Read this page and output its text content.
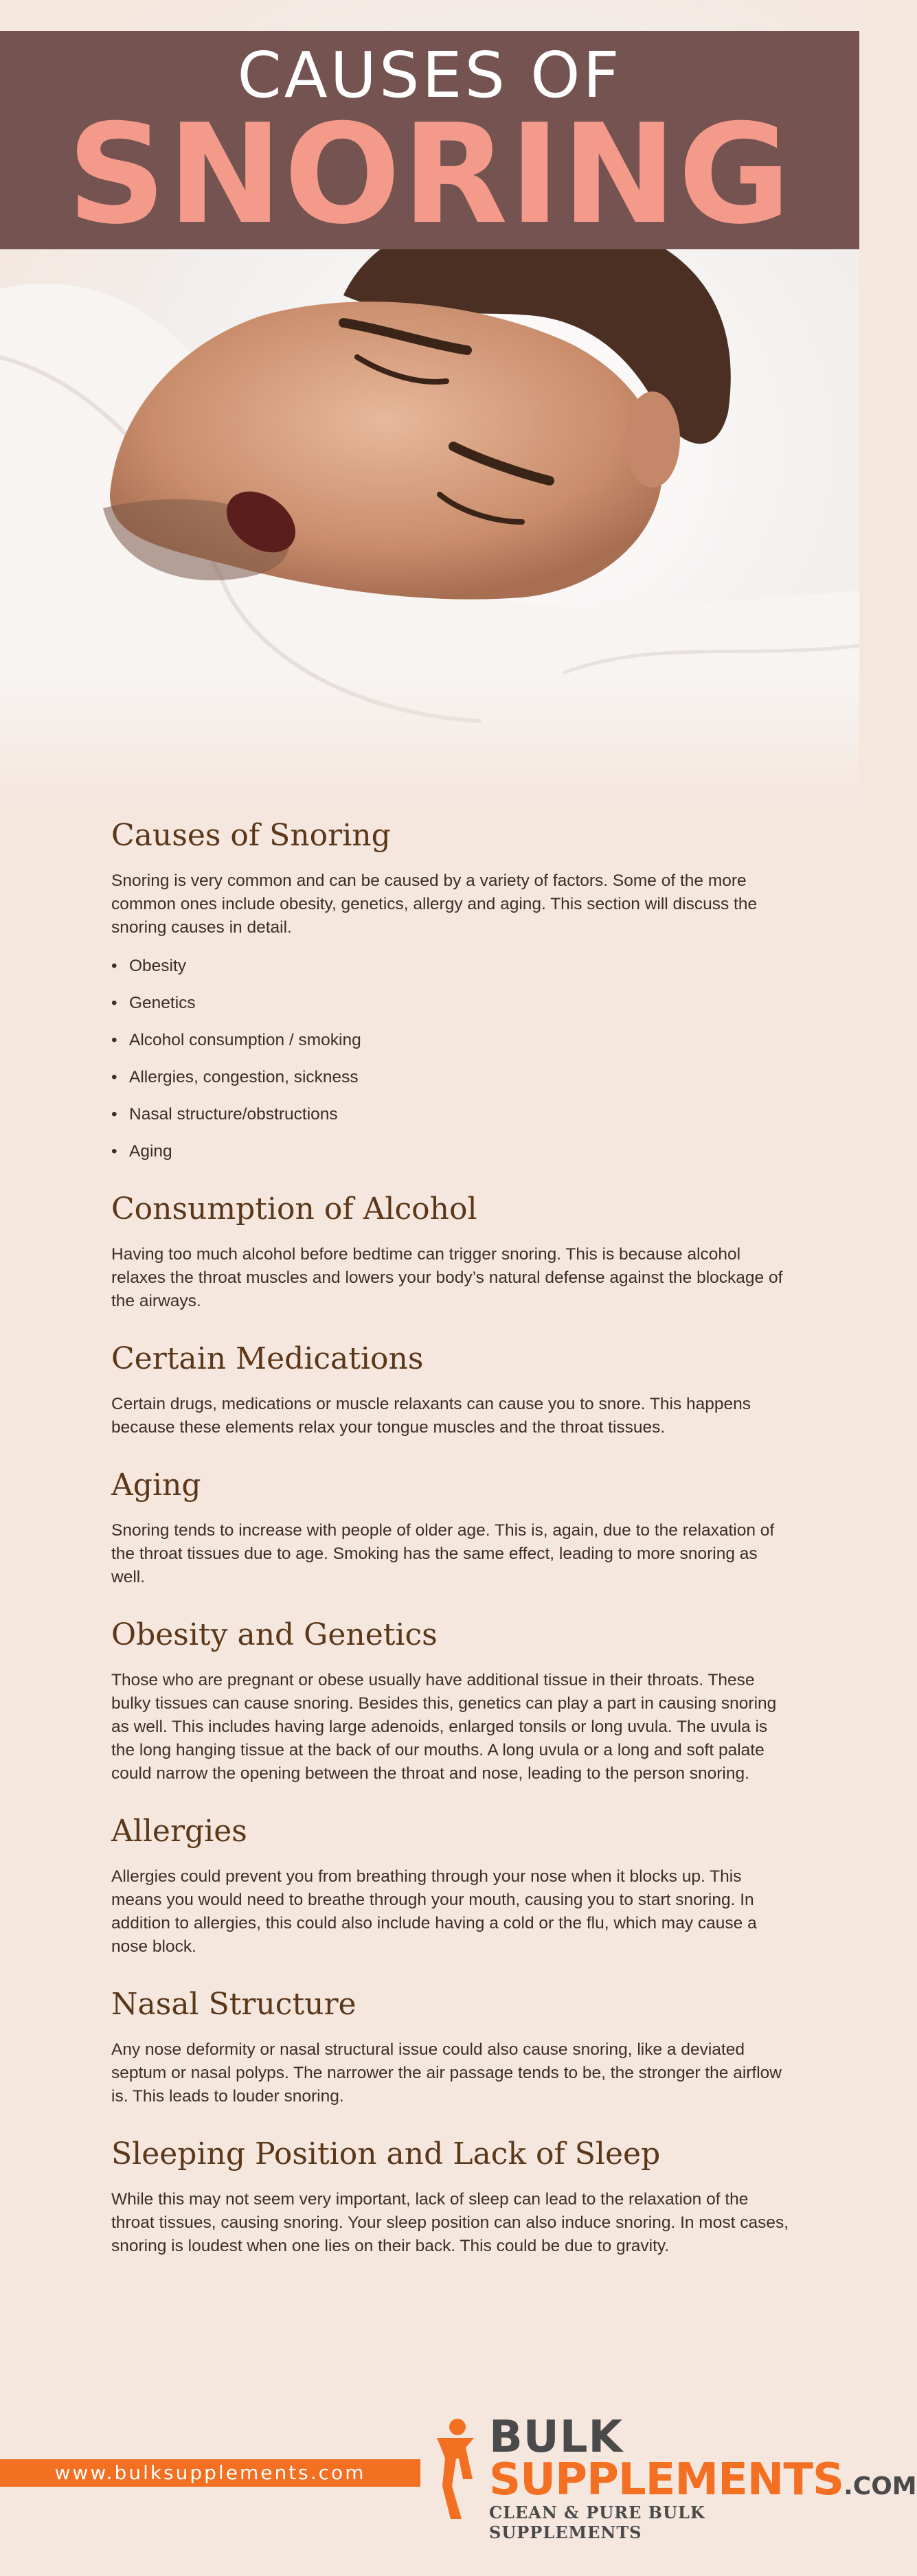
CAUSES OF
SNORING
Causes of Snoring

Snoring is very common and can be caused by a variety of factors. Some of the more common ones include obesity, genetics, allergy and aging. This section will discuss the snoring causes in detail.

• Obesity
• Genetics
• Alcohol consumption / smoking
• Allergies, congestion, sickness
• Nasal structure/obstructions
• Aging
Consumption of Alcohol

Having too much alcohol before bedtime can trigger snoring. This is because alcohol relaxes the throat muscles and lowers your body’s natural defense against the blockage of the airways.

Certain Medications

Certain drugs, medications or muscle relaxants can cause you to snore. This happens because these elements relax your tongue muscles and the throat tissues.

Aging

Snoring tends to increase with people of older age. This is, again, due to the relaxation of the throat tissues due to age. Smoking has the same effect, leading to more snoring as well.

Obesity and Genetics

Those who are pregnant or obese usually have additional tissue in their throats. These bulky tissues can cause snoring. Besides this, genetics can play a part in causing snoring as well. This includes having large adenoids, enlarged tonsils or long uvula. The uvula is the long hanging tissue at the back of our mouths. A long uvula or a long and soft palate could narrow the opening between the throat and nose, leading to the person snoring.

Allergies

Allergies could prevent you from breathing through your nose when it blocks up. This means you would need to breathe through your mouth, causing you to start snoring. In addition to allergies, this could also include having a cold or the flu, which may cause a nose block.

Nasal Structure

Any nose deformity or nasal structural issue could also cause snoring, like a deviated septum or nasal polyps. The narrower the air passage tends to be, the stronger the airflow is. This leads to louder snoring.

Sleeping Position and Lack of Sleep

While this may not seem very important, lack of sleep can lead to the relaxation of the throat tissues, causing snoring. Your sleep position can also induce snoring. In most cases, snoring is loudest when one lies on their back. This could be due to gravity.

www.bulksupplements.com
BULK
SUPPLEMENTS.COM
CLEAN & PURE BULK SUPPLEMENTS
